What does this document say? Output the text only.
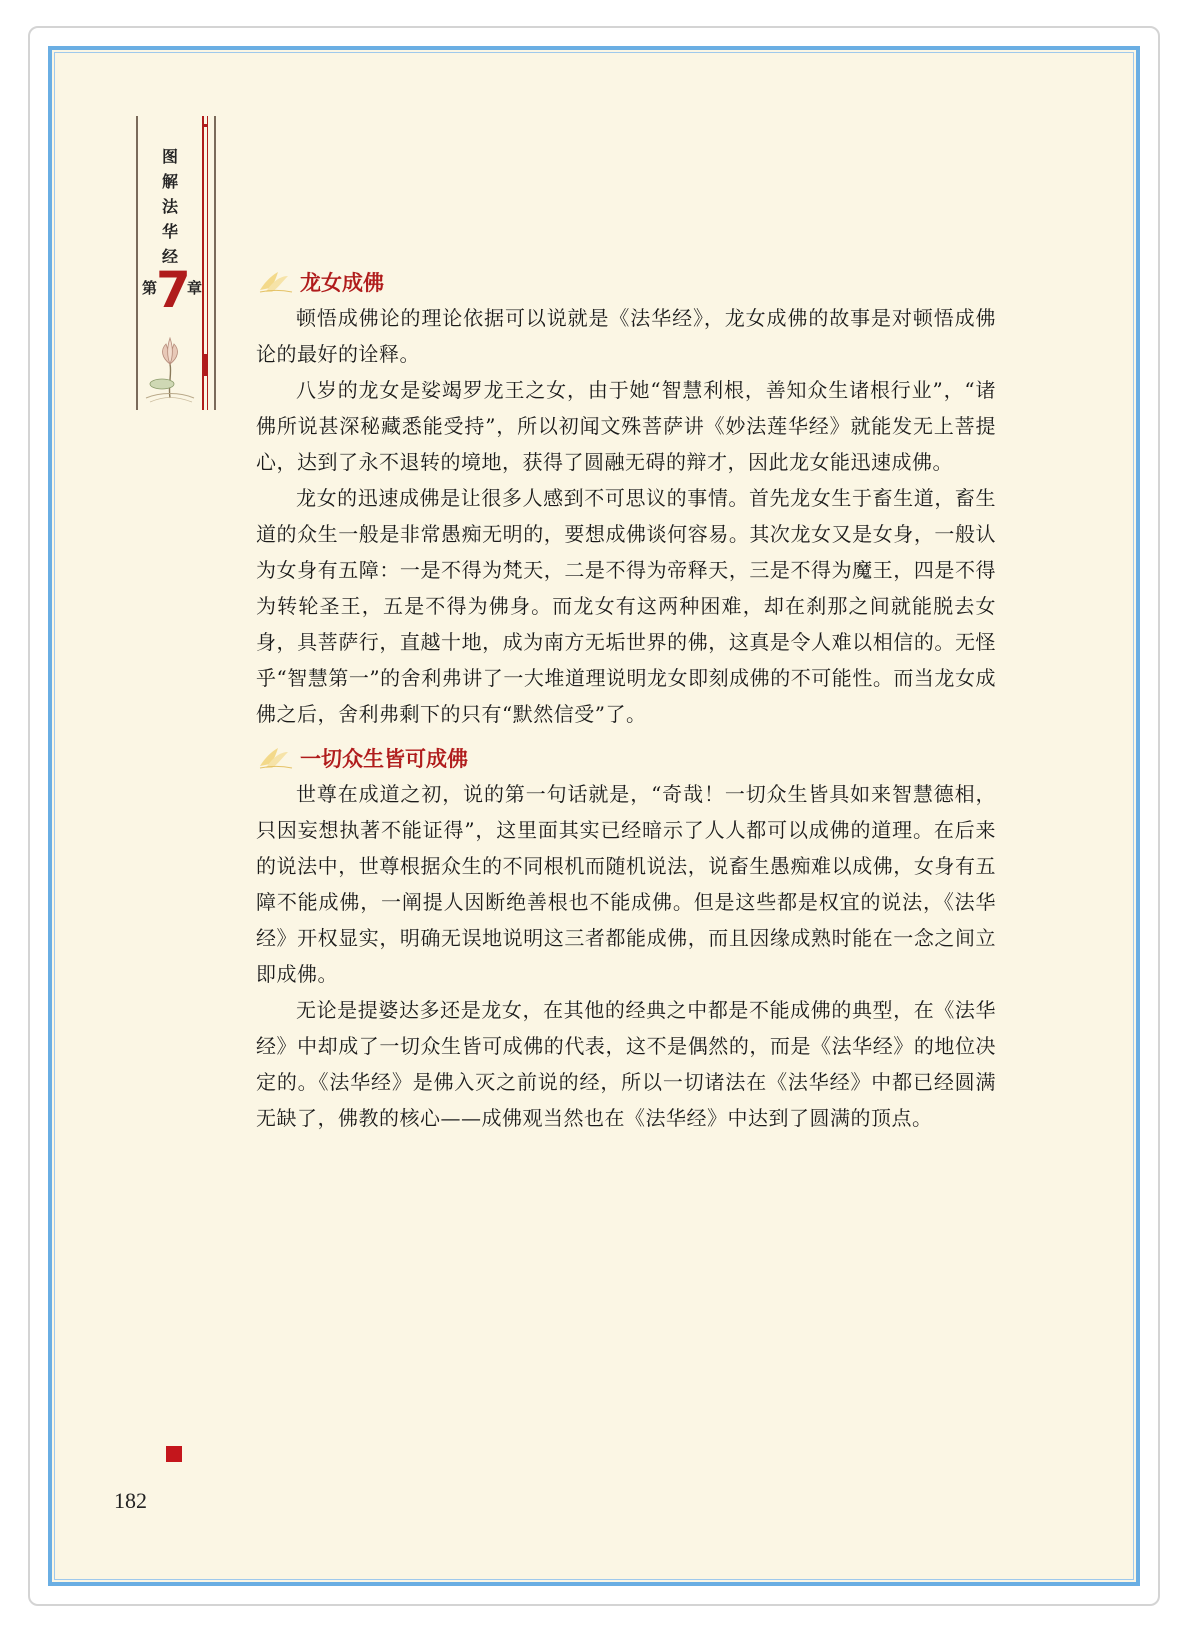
图
解
法
华
经
第
7
章	龙女成佛

顿悟成佛论的理论依据可以说就是《法华经》，龙女成佛的故事是对顿悟成佛论的最好的诠释。

八岁的龙女是娑竭罗龙王之女，由于她“智慧利根，善知众生诸根行业”，“诸佛所说甚深秘藏悉能受持”，所以初闻文殊菩萨讲《妙法莲华经》就能发无上菩提心，达到了永不退转的境地，获得了圆融无碍的辩才，因此龙女能迅速成佛。

龙女的迅速成佛是让很多人感到不可思议的事情。首先龙女生于畜生道，畜生道的众生一般是非常愚痴无明的，要想成佛谈何容易。其次龙女又是女身，一般认为女身有五障：一是不得为梵天，二是不得为帝释天，三是不得为魔王，四是不得为转轮圣王，五是不得为佛身。而龙女有这两种困难，却在刹那之间就能脱去女身，具菩萨行，直越十地，成为南方无垢世界的佛，这真是令人难以相信的。无怪乎“智慧第一”的舍利弗讲了一大堆道理说明龙女即刻成佛的不可能性。而当龙女成佛之后，舍利弗剩下的只有“默然信受”了。

一切众生皆可成佛

世尊在成道之初，说的第一句话就是，“奇哉！一切众生皆具如来智慧德相，只因妄想执著不能证得”，这里面其实已经暗示了人人都可以成佛的道理。在后来的说法中，世尊根据众生的不同根机而随机说法，说畜生愚痴难以成佛，女身有五障不能成佛，一阐提人因断绝善根也不能成佛。但是这些都是权宜的说法，《法华经》开权显实，明确无误地说明这三者都能成佛，而且因缘成熟时能在一念之间立即成佛。

无论是提婆达多还是龙女，在其他的经典之中都是不能成佛的典型，在《法华经》中却成了一切众生皆可成佛的代表，这不是偶然的，而是《法华经》的地位决定的。《法华经》是佛入灭之前说的经，所以一切诸法在《法华经》中都已经圆满无缺了，佛教的核心——成佛观当然也在《法华经》中达到了圆满的顶点。

182
